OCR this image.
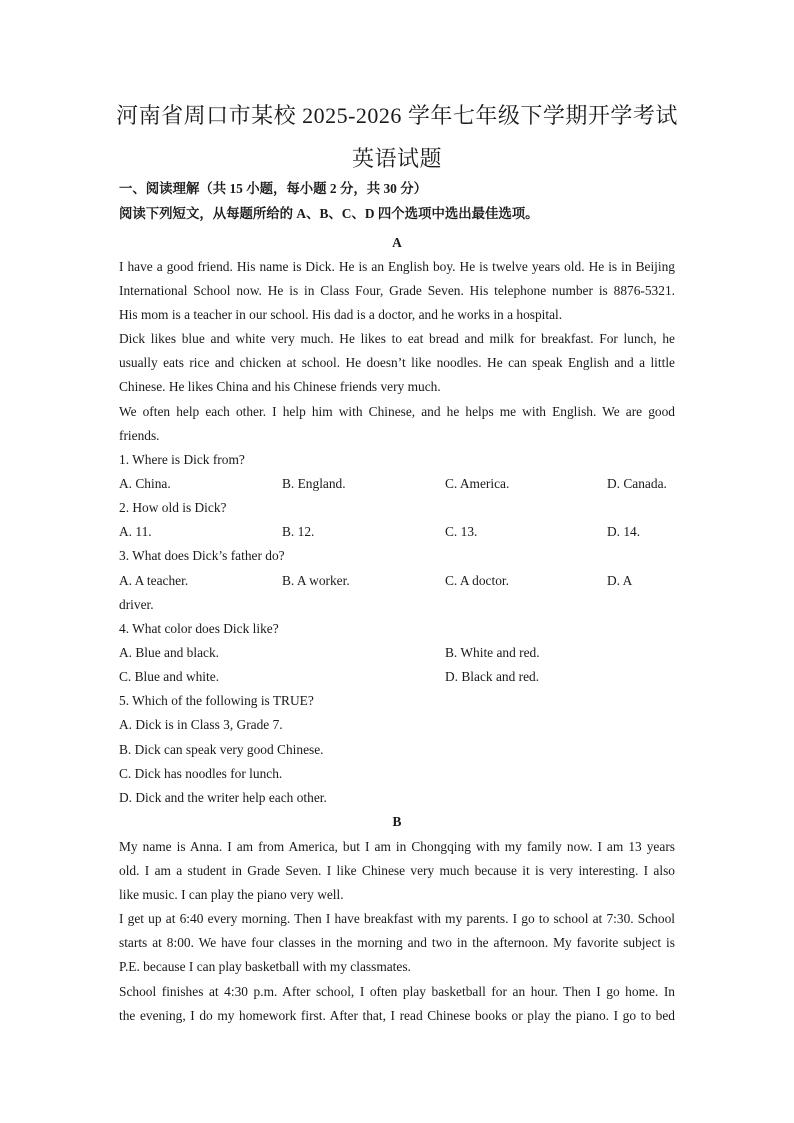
河南省周口市某校 2025-2026 学年七年级下学期开学考试
英语试题
一、阅读理解（共 15 小题，每小题 2 分，共 30 分）
阅读下列短文，从每题所给的 A、B、C、D 四个选项中选出最佳选项。
A
I have a good friend. His name is Dick. He is an English boy. He is twelve years old. He is in Beijing
International School now. He is in Class Four, Grade Seven. His telephone number is 8876-5321.
His mom is a teacher in our school. His dad is a doctor, and he works in a hospital.
Dick likes blue and white very much. He likes to eat bread and milk for breakfast. For lunch, he
usually eats rice and chicken at school. He doesn’t like noodles. He can speak English and a little
Chinese. He likes China and his Chinese friends very much.
We often help each other. I help him with Chinese, and he helps me with English. We are good
friends.
1. Where is Dick from?
A. China.	B. England.	C. America.	D. Canada.
2. How old is Dick?
A. 11.	B. 12.	C. 13.	D. 14.
3. What does Dick’s father do?
A. A teacher.	B. A worker.	C. A doctor.	D. A
driver.
4. What color does Dick like?
A. Blue and black.	B. White and red.
C. Blue and white.	D. Black and red.
5. Which of the following is TRUE?
A. Dick is in Class 3, Grade 7.
B. Dick can speak very good Chinese.
C. Dick has noodles for lunch.
D. Dick and the writer help each other.
B
My name is Anna. I am from America, but I am in Chongqing with my family now. I am 13 years
old. I am a student in Grade Seven. I like Chinese very much because it is very interesting. I also
like music. I can play the piano very well.
I get up at 6:40 every morning. Then I have breakfast with my parents. I go to school at 7:30. School
starts at 8:00. We have four classes in the morning and two in the afternoon. My favorite subject is
P.E. because I can play basketball with my classmates.
School finishes at 4:30 p.m. After school, I often play basketball for an hour. Then I go home. In
the evening, I do my homework first. After that, I read Chinese books or play the piano. I go to bed
